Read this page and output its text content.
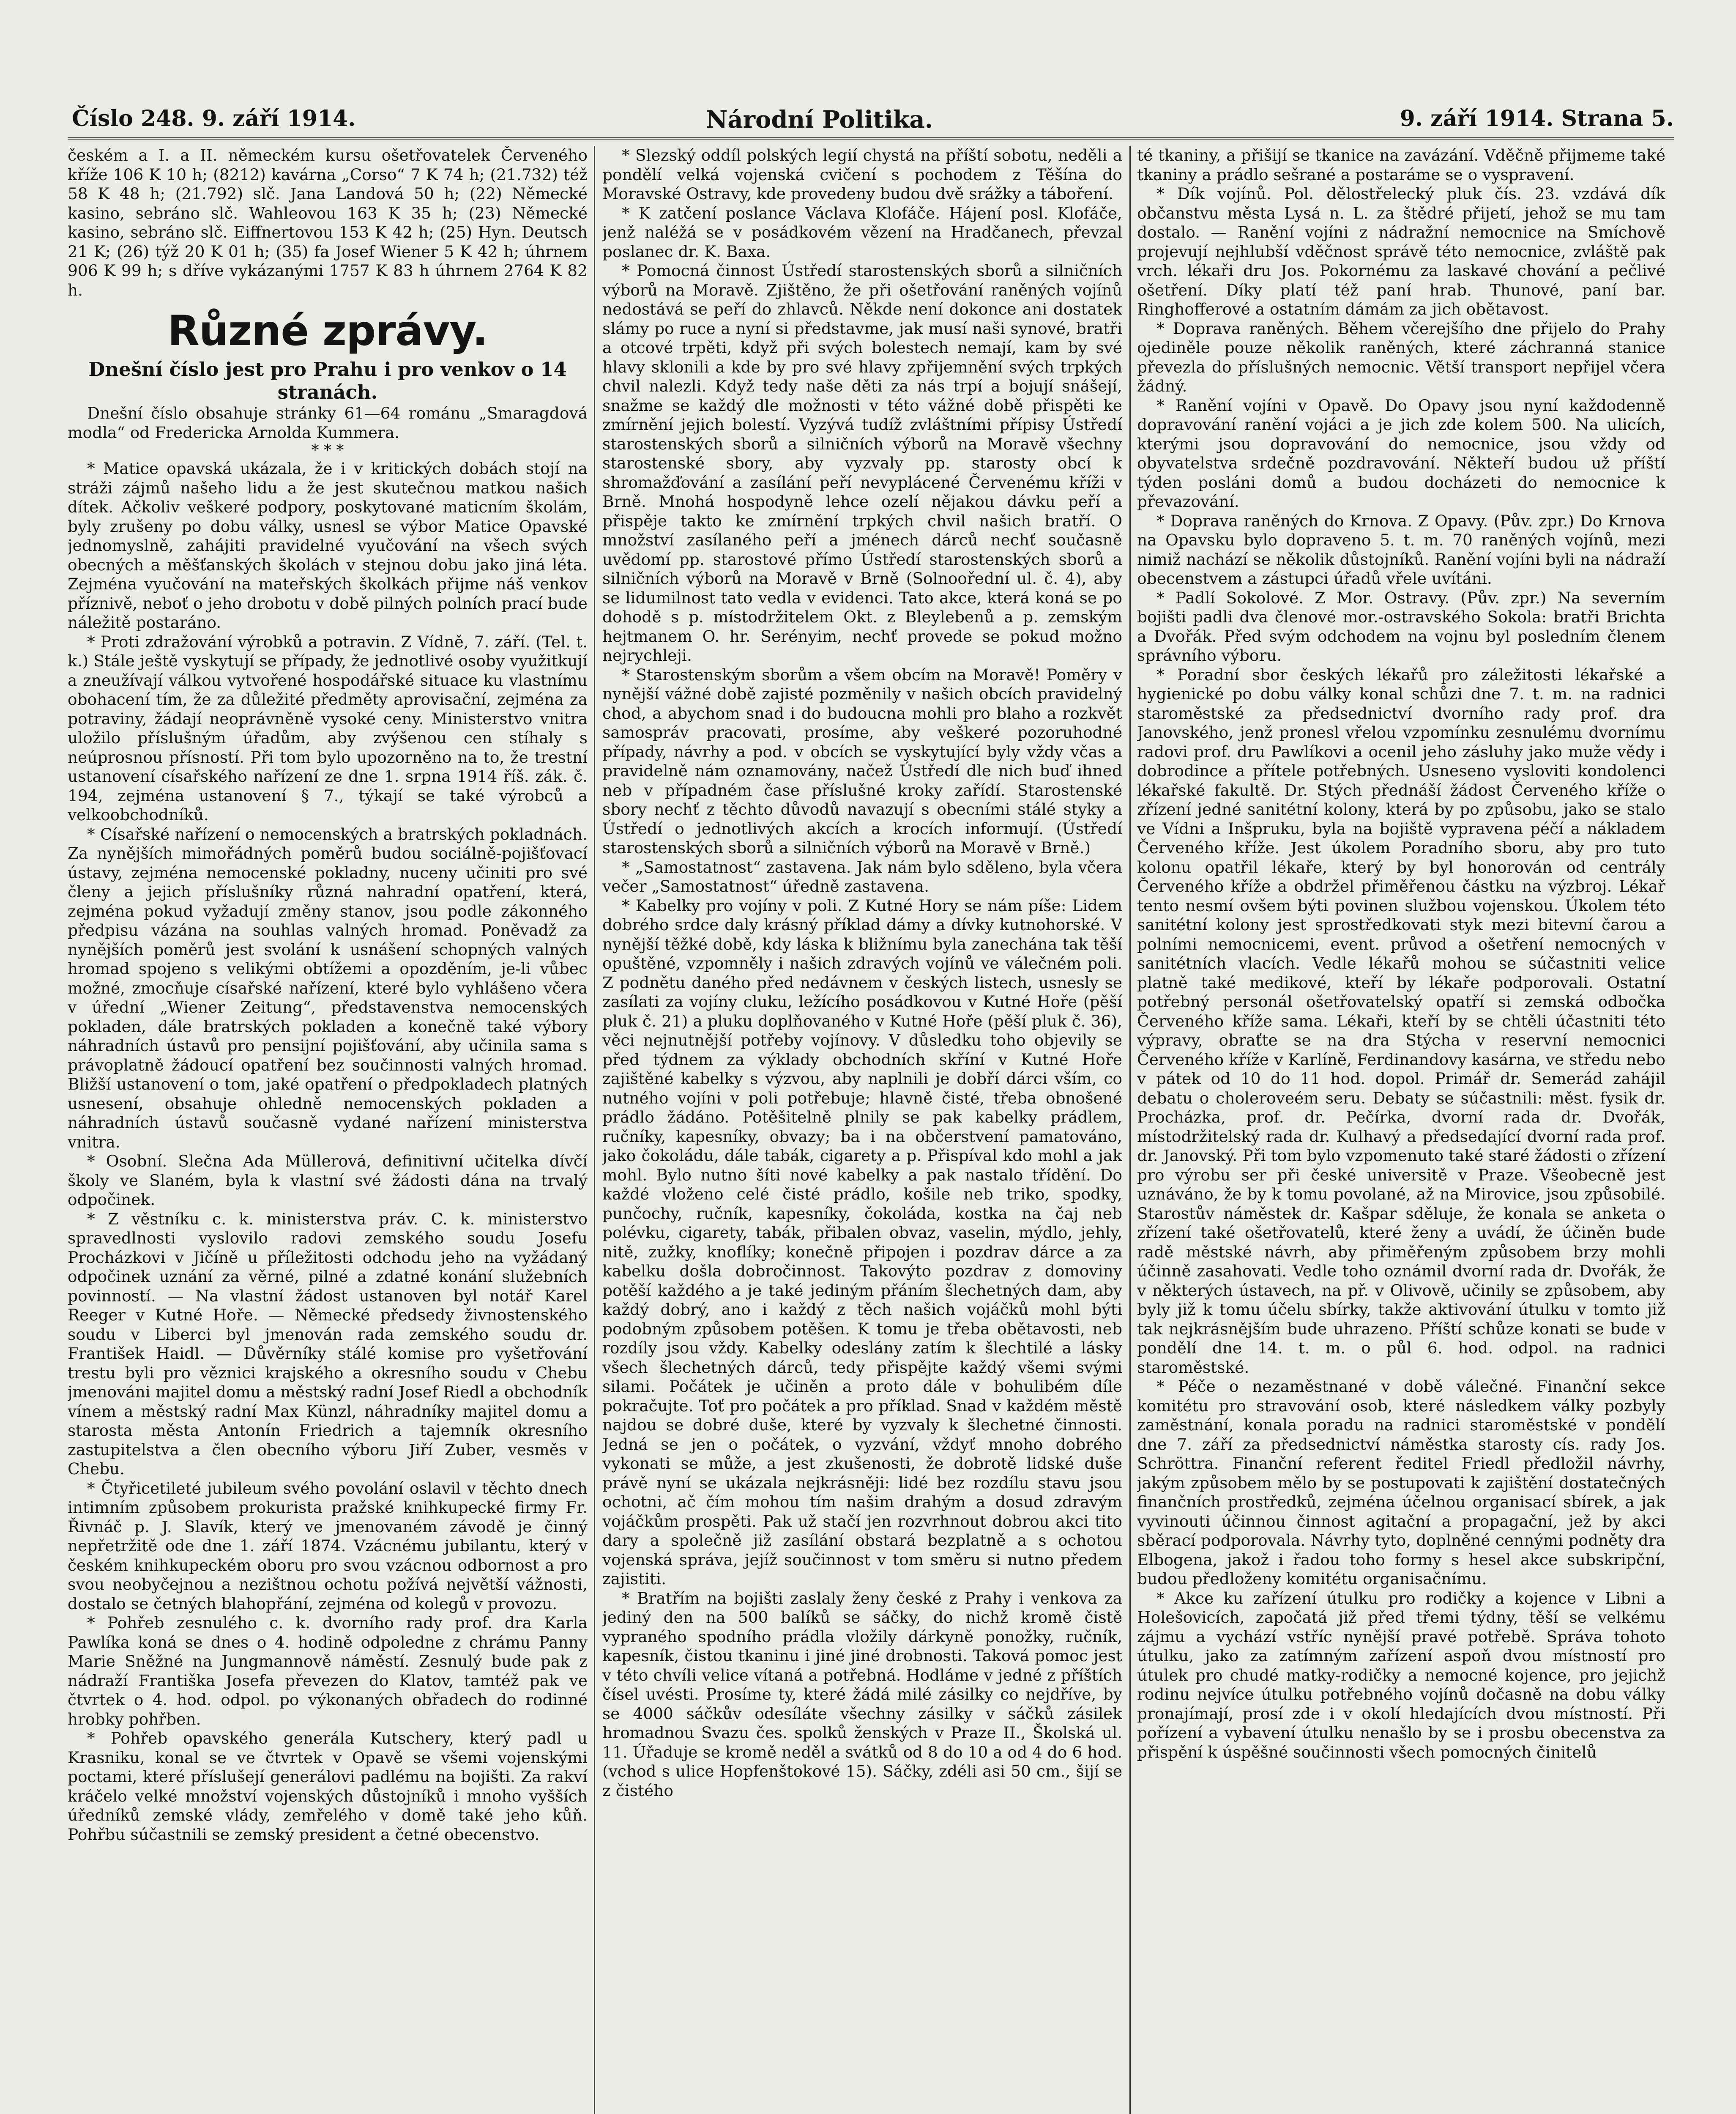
Číslo 248. 9. září 1914.	Národní Politika.	9. září 1914. Strana 5.

českém a I. a II. německém kursu ošetřovatelek Červeného kříže 106 K 10 h; (8212) kavárna „Corso“ 7 K 74 h; (21.732) též 58 K 48 h; (21.792) slč. Jana Landová 50 h; (22) Německé kasino, sebráno slč. Wahleovou 163 K 35 h; (23) Německé kasino, sebráno slč. Eiffnertovou 153 K 42 h; (25) Hyn. Deutsch 21 K; (26) týž 20 K 01 h; (35) fa Josef Wiener 5 K 42 h; úhrnem 906 K 99 h; s dříve vykázanými 1757 K 83 h úhrnem 2764 K 82 h.

Různé zprávy.
Dnešní číslo jest pro Prahu i pro venkov o 14 stranách.

Dnešní číslo obsahuje stránky 61—64 románu „Smaragdová modla“ od Fredericka Arnolda Kummera.

* * *

* Matice opavská ukázala, že i v kritických dobách stojí na stráži zájmů našeho lidu a že jest skutečnou matkou našich dítek. Ačkoliv veškeré podpory, poskytované maticním školám, byly zrušeny po dobu války, usnesl se výbor Matice Opavské jednomyslně, zahájiti pravidelné vyučování na všech svých obecných a měšťanských školách v stejnou dobu jako jiná léta. Zejména vyučování na mateřských školkách přijme náš venkov příznivě, neboť o jeho drobotu v době pilných polních prací bude náležitě postaráno.

* Proti zdražování výrobků a potravin. Z Vídně, 7. září. (Tel. t. k.) Stále ještě vyskytují se případy, že jednotlivé osoby využitkují a zneužívají válkou vytvořené hospodářské situace ku vlastnímu obohacení tím, že za důležité předměty aprovisační, zejména za potraviny, žádají neoprávněně vysoké ceny. Ministerstvo vnitra uložilo příslušným úřadům, aby zvýšenou cen stíhaly s neúprosnou přísností. Při tom bylo upozorněno na to, že trestní ustanovení císařského nařízení ze dne 1. srpna 1914 říš. zák. č. 194, zejména ustanovení § 7., týkají se také výrobců a velkoobchodníků.

* Císařské nařízení o nemocenských a bratrských pokladnách. Za nynějších mimořádných poměrů budou sociálně-pojišťovací ústavy, zejména nemocenské pokladny, nuceny učiniti pro své členy a jejich příslušníky různá nahradní opatření, která, zejména pokud vyžadují změny stanov, jsou podle zákonného předpisu vázána na souhlas valných hromad. Poněvadž za nynějších poměrů jest svolání k usnášení schopných valných hromad spojeno s velikými obtížemi a opozděním, je-li vůbec možné, zmocňuje císařské nařízení, které bylo vyhlášeno včera v úřední „Wiener Zeitung“, představenstva nemocenských pokladen, dále bratrských pokladen a konečně také výbory náhradních ústavů pro pensijní pojišťování, aby učinila sama s právoplatně žádoucí opatření bez součinnosti valných hromad. Bližší ustanovení o tom, jaké opatření o předpokladech platných usnesení, obsahuje ohledně nemocenských pokladen a náhradních ústavů současně vydané nařízení ministerstva vnitra.

* Osobní. Slečna Ada Müllerová, definitivní učitelka dívčí školy ve Slaném, byla k vlastní své žádosti dána na trvalý odpočinek.

* Z věstníku c. k. ministerstva práv. C. k. ministerstvo spravedlnosti vyslovilo radovi zemského soudu Josefu Procházkovi v Jičíně u příležitosti odchodu jeho na vyžádaný odpočinek uznání za věrné, pilné a zdatné konání služebních povinností. — Na vlastní žádost ustanoven byl notář Karel Reeger v Kutné Hoře. — Německé předsedy živnostenského soudu v Liberci byl jmenován rada zemského soudu dr. František Haidl. — Důvěrníky stálé komise pro vyšetřování trestu byli pro věznici krajského a okresního soudu v Chebu jmenováni majitel domu a městský radní Josef Riedl a obchodník vínem a městský radní Max Künzl, náhradníky majitel domu a starosta města Antonín Friedrich a tajemník okresního zastupitelstva a člen obecního výboru Jiří Zuber, vesměs v Chebu.

* Čtyřicetileté jubileum svého povolání oslavil v těchto dnech intimním způsobem prokurista pražské knihkupecké firmy Fr. Řivnáč p. J. Slavík, který ve jmenovaném závodě je činný nepřetržitě ode dne 1. září 1874. Vzácnému jubilantu, který v českém knihkupeckém oboru pro svou vzácnou odbornost a pro svou neobyčejnou a nezištnou ochotu požívá největší vážnosti, dostalo se četných blahopřání, zejména od kolegů v provozu.

* Pohřeb zesnulého c. k. dvorního rady prof. dra Karla Pawlíka koná se dnes o 4. hodině odpoledne z chrámu Panny Marie Sněžné na Jungmannově náměstí. Zesnulý bude pak z nádraží Františka Josefa převezen do Klatov, tamtéž pak ve čtvrtek o 4. hod. odpol. po výkonaných obřadech do rodinné hrobky pohřben.

* Pohřeb opavského generála Kutschery, který padl u Krasniku, konal se ve čtvrtek v Opavě se všemi vojenskými poctami, které příslušejí generálovi padlému na bojišti. Za rakví kráčelo velké množství vojenských důstojníků i mnoho vyšších úředníků zemské vlády, zemřelého v domě také jeho kůň. Pohřbu súčastnili se zemský president a četné obecenstvo.

* Slezský oddíl polských legií chystá na příští sobotu, neděli a pondělí velká vojenská cvičení s pochodem z Těšína do Moravské Ostravy, kde provedeny budou dvě srážky a táboření.

* K zatčení poslance Václava Klofáče. Hájení posl. Klofáče, jenž naléžá se v posádkovém vězení na Hradčanech, převzal poslanec dr. K. Baxa.

* Pomocná činnost Ústředí starostenských sborů a silničních výborů na Moravě. Zjištěno, že při ošetřování raněných vojínů nedostává se peří do zhlavců. Někde není dokonce ani dostatek slámy po ruce a nyní si představme, jak musí naši synové, bratři a otcové trpěti, když při svých bolestech nemají, kam by své hlavy sklonili a kde by pro své hlavy zpřijemnění svých trpkých chvil nalezli. Když tedy naše děti za nás trpí a bojují snášejí, snažme se každý dle možnosti v této vážné době přispěti ke zmírnění jejich bolestí. Vyzývá tudíž zvláštními přípisy Ústředí starostenských sborů a silničních výborů na Moravě všechny starostenské sbory, aby vyzvaly pp. starosty obcí k shromažďování a zasílání peří nevyplácené Červenému kříži v Brně. Mnohá hospodyně lehce ozelí nějakou dávku peří a přispěje takto ke zmírnění trpkých chvil našich bratří. O množství zasílaného peří a jménech dárců nechť současně uvědomí pp. starostové přímo Ústředí starostenských sborů a silničních výborů na Moravě v Brně (Solnoořední ul. č. 4), aby se lidumilnost tato vedla v evidenci. Tato akce, která koná se po dohodě s p. místodržitelem Okt. z Bleylebenů a p. zemským hejtmanem O. hr. Serényim, nechť provede se pokud možno nejrychleji.

* Starostenským sborům a všem obcím na Moravě! Poměry v nynější vážné době zajisté pozměnily v našich obcích pravidelný chod, a abychom snad i do budoucna mohli pro blaho a rozkvět samospráv pracovati, prosíme, aby veškeré pozoruhodné případy, návrhy a pod. v obcích se vyskytující byly vždy včas a pravidelně nám oznamovány, načež Ústředí dle nich buď ihned neb v případném čase příslušné kroky zařídí. Starostenské sbory nechť z těchto důvodů navazují s obecními stálé styky a Ústředí o jednotlivých akcích a krocích informují. (Ústředí starostenských sborů a silničních výborů na Moravě v Brně.)

* „Samostatnost“ zastavena. Jak nám bylo sděleno, byla včera večer „Samostatnost“ úředně zastavena.

* Kabelky pro vojíny v poli. Z Kutné Hory se nám píše: Lidem dobrého srdce daly krásný příklad dámy a dívky kutnohorské. V nynější těžké době, kdy láska k bližnímu byla zanechána tak těší opuštěné, vzpomněly i našich zdravých vojínů ve válečném poli. Z podnětu daného před nedávnem v českých listech, usnesly se zasílati za vojíny cluku, ležícího posádkovou v Kutné Hoře (pěší pluk č. 21) a pluku doplňovaného v Kutné Hoře (pěší pluk č. 36), věci nejnutnější potřeby vojínovy. V důsledku toho objevily se před týdnem za výklady obchodních skříní v Kutné Hoře zajištěné kabelky s výzvou, aby naplnili je dobří dárci vším, co nutného vojíni v poli potřebuje; hlavně čisté, třeba obnošené prádlo žádáno. Potěšitelně plnily se pak kabelky prádlem, ručníky, kapesníky, obvazy; ba i na občerstvení pamatováno, jako čokoládu, dále tabák, cigarety a p. Přispíval kdo mohl a jak mohl. Bylo nutno šíti nové kabelky a pak nastalo třídění. Do každé vloženo celé čisté prádlo, košile neb triko, spodky, punčochy, ručník, kapesníky, čokoláda, kostka na čaj neb polévku, cigarety, tabák, přibalen obvaz, vaselin, mýdlo, jehly, nitě, zužky, knoflíky; konečně připojen i pozdrav dárce a za kabelku došla dobročinnost. Takovýto pozdrav z domoviny potěší každého a je také jediným přáním šlechetných dam, aby každý dobrý, ano i každý z těch našich vojáčků mohl býti podobným způsobem potěšen. K tomu je třeba obětavosti, neb rozdíly jsou vždy. Kabelky odeslány zatím k šlechtilé a lásky všech šlechetných dárců, tedy přispějte každý všemi svými silami. Počátek je učiněn a proto dále v bohulibém díle pokračujte. Toť pro počátek a pro příklad. Snad v každém městě najdou se dobré duše, které by vyzvaly k šlechetné činnosti. Jedná se jen o počátek, o vyzvání, vždyť mnoho dobrého vykonati se může, a jest zkušenosti, že dobrotě lidské duše právě nyní se ukázala nejkrásněji: lidé bez rozdílu stavu jsou ochotni, ač čím mohou tím našim drahým a dosud zdravým vojáčkům prospěti. Pak už stačí jen rozvrhnout dobrou akci tito dary a společně již zasílání obstará bezplatně a s ochotou vojenská správa, jejíž součinnost v tom směru si nutno předem zajistiti.

* Bratřím na bojišti zaslaly ženy české z Prahy i venkova za jediný den na 500 balíků se sáčky, do nichž kromě čistě vypraného spodního prádla vložily dárkyně ponožky, ručník, kapesník, čistou tkaninu i jiné jiné drobnosti. Taková pomoc jest v této chvíli velice vítaná a potřebná. Hodláme v jedné z příštích čísel uvésti. Prosíme ty, které žádá milé zásilky co nejdříve, by se 4000 sáčkův odesíláte všechny zásilky v sáčků zásilek hromadnou Svazu čes. spolků ženských v Praze II., Školská ul. 11. Úřaduje se kromě neděl a svátků od 8 do 10 a od 4 do 6 hod. (vchod s ulice Hopfenštokové 15). Sáčky, zdéli asi 50 cm., šijí se z čistého

té tkaniny, a přišijí se tkanice na zavázání. Vděčně přijmeme také tkaniny a prádlo sešrané a postaráme se o vyspravení.

* Dík vojínů. Pol. dělostřelecký pluk čís. 23. vzdává dík občanstvu města Lysá n. L. za štědré přijetí, jehož se mu tam dostalo. — Ranění vojíni z nádražní nemocnice na Smíchově projevují nejhlubší vděčnost správě této nemocnice, zvláště pak vrch. lékaři dru Jos. Pokornému za laskavé chování a pečlivé ošetření. Díky platí též paní hrab. Thunové, paní bar. Ringhofferové a ostatním dámám za jich obětavost.

* Doprava raněných. Během včerejšího dne přijelo do Prahy ojediněle pouze několik raněných, které záchranná stanice převezla do příslušných nemocnic. Větší transport nepřijel včera žádný.

* Ranění vojíni v Opavě. Do Opavy jsou nyní každodenně dopravování ranění vojáci a je jich zde kolem 500. Na ulicích, kterými jsou dopravování do nemocnice, jsou vždy od obyvatelstva srdečně pozdravování. Někteří budou už příští týden posláni domů a budou docházeti do nemocnice k převazování.

* Doprava raněných do Krnova. Z Opavy. (Pův. zpr.) Do Krnova na Opavsku bylo dopraveno 5. t. m. 70 raněných vojínů, mezi nimiž nachází se několik důstojníků. Ranění vojíni byli na nádraží obecenstvem a zástupci úřadů vřele uvítáni.

* Padlí Sokolové. Z Mor. Ostravy. (Pův. zpr.) Na severním bojišti padli dva členové mor.-ostravského Sokola: bratři Brichta a Dvořák. Před svým odchodem na vojnu byl posledním členem správního výboru.

* Poradní sbor českých lékařů pro záležitosti lékařské a hygienické po dobu války konal schůzi dne 7. t. m. na radnici staroměstské za předsednictví dvorního rady prof. dra Janovského, jenž pronesl vřelou vzpomínku zesnulému dvornímu radovi prof. dru Pawlíkovi a ocenil jeho zásluhy jako muže vědy i dobrodince a přítele potřebných. Usneseno vysloviti kondolenci lékařské fakultě. Dr. Stých přednáší žádost Červeného kříže o zřízení jedné sanitétní kolony, která by po způsobu, jako se stalo ve Vídni a Inšpruku, byla na bojiště vypravena péčí a nákladem Červeného kříže. Jest úkolem Poradního sboru, aby pro tuto kolonu opatřil lékaře, který by byl honorován od centrály Červeného kříže a obdržel přiměřenou částku na výzbroj. Lékař tento nesmí ovšem býti povinen službou vojenskou. Úkolem této sanitétní kolony jest sprostředkovati styk mezi bitevní čarou a polními nemocnicemi, event. průvod a ošetření nemocných v sanitétních vlacích. Vedle lékařů mohou se súčastniti velice platně také medikové, kteří by lékaře podporovali. Ostatní potřebný personál ošetřovatelský opatří si zemská odbočka Červeného kříže sama. Lékaři, kteří by se chtěli účastniti této výpravy, obraťte se na dra Stýcha v reservní nemocnici Červeného kříže v Karlíně, Ferdinandovy kasárna, ve středu nebo v pátek od 10 do 11 hod. dopol. Primář dr. Semerád zahájil debatu o choleroveém seru. Debaty se súčastnili: měst. fysik dr. Procházka, prof. dr. Pečírka, dvorní rada dr. Dvořák, místodržitelský rada dr. Kulhavý a předsedající dvorní rada prof. dr. Janovský. Při tom bylo vzpomenuto také staré žádosti o zřízení pro výrobu ser při české universitě v Praze. Všeobecně jest uznáváno, že by k tomu povolané, až na Mirovice, jsou způsobilé. Starostův náměstek dr. Kašpar sděluje, že konala se anketa o zřízení také ošetřovatelů, které ženy a uvádí, že účiněn bude radě městské návrh, aby přiměřeným způsobem brzy mohli účinně zasahovati. Vedle toho oznámil dvorní rada dr. Dvořák, že v některých ústavech, na př. v Olivově, učinily se způsobem, aby byly již k tomu účelu sbírky, takže aktivování útulku v tomto již tak nejkrásnějším bude uhrazeno. Příští schůze konati se bude v pondělí dne 14. t. m. o půl 6. hod. odpol. na radnici staroměstské.

* Péče o nezaměstnané v době válečné. Finanční sekce komitétu pro stravování osob, které následkem války pozbyly zaměstnání, konala poradu na radnici staroměstské v pondělí dne 7. září za předsednictví náměstka starosty cís. rady Jos. Schröttra. Finanční referent ředitel Friedl předložil návrhy, jakým způsobem mělo by se postupovati k zajištění dostatečných finančních prostředků, zejména účelnou organisací sbírek, a jak vyvinouti účinnou činnost agitační a propagační, jež by akci sběrací podporovala. Návrhy tyto, doplněné cennými podněty dra Elbogena, jakož i řadou toho formy s hesel akce subskripční, budou předloženy komitétu organisačnímu.

* Akce ku zařízení útulku pro rodičky a kojence v Libni a Holešovicích, započatá již před třemi týdny, těší se velkému zájmu a vychází vstříc nynější pravé potřebě. Správa tohoto útulku, jako za zatímným zařízení aspoň dvou místností pro útulek pro chudé matky-rodičky a nemocné kojence, pro jejichž rodinu nejvíce útulku potřebného vojínů dočasně na dobu války pronajímají, prosí zde i v okolí hledajících dvou místností. Při pořízení a vybavení útulku nenašlo by se i prosbu obecenstva za přispění k úspěšné součinnosti všech pomocných činitelů
